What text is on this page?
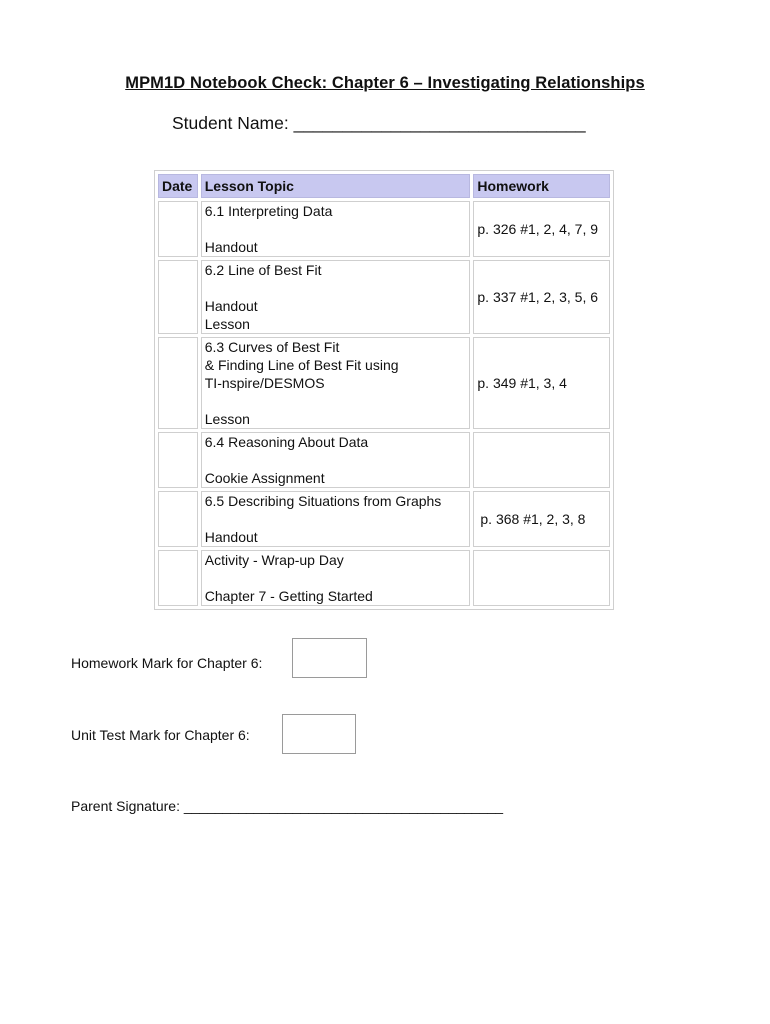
MPM1D Notebook Check: Chapter 6 – Investigating Relationships
Student Name: ______________________________
Date	Lesson Topic	Homework

	6.1 Interpreting Data
Handout	p. 326 #1, 2, 4, 7, 9

	6.2 Line of Best Fit
Handout
Lesson	p. 337 #1, 2, 3, 5, 6

	6.3 Curves of Best Fit
& Finding Line of Best Fit using
TI-nspire/DESMOS
Lesson	p. 349 #1, 3, 4

	6.4 Reasoning About Data
Cookie Assignment	

	6.5 Describing Situations from Graphs
Handout	p. 368 #1, 2, 3, 8

	Activity - Wrap-up Day
Chapter 7 - Getting Started	

Homework Mark for Chapter 6:
Unit Test Mark for Chapter 6:
Parent Signature: _________________________________________
